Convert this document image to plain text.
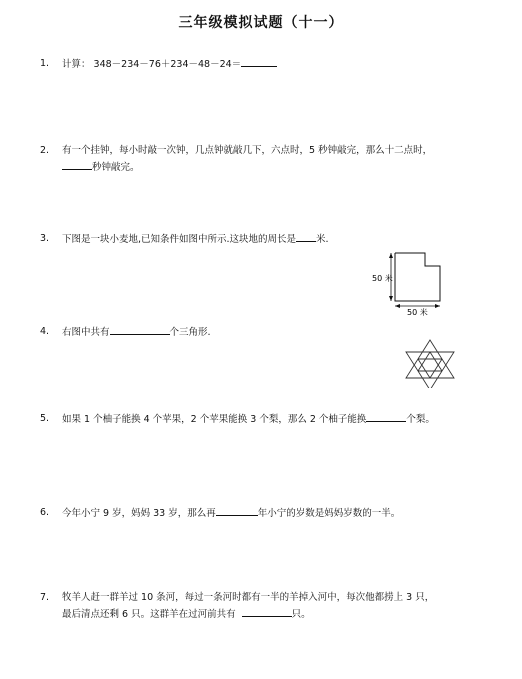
三年级模拟试题（十一）
1.	计算： 348－234－76＋234－48－24＝
2.	有一个挂钟，每小时敲一次钟，几点钟就敲几下，六点时，5 秒钟敲完，那么十二点时，
秒钟敲完。
3.	下图是一块小麦地,已知条件如图中所示.这块地的周长是 米.
50 米
50 米
4.	右图中共有	个三角形.
5.	如果 1 个柚子能换 4 个苹果，2 个苹果能换 3 个梨，那么 2 个柚子能换	个梨。
6.	今年小宁 9 岁，妈妈 33 岁，那么再	年小宁的岁数是妈妈岁数的一半。
7.	牧羊人赶一群羊过 10 条河，每过一条河时都有一半的羊掉入河中，每次他都捞上 3 只，
最后清点还剩 6 只。这群羊在过河前共有	只。
